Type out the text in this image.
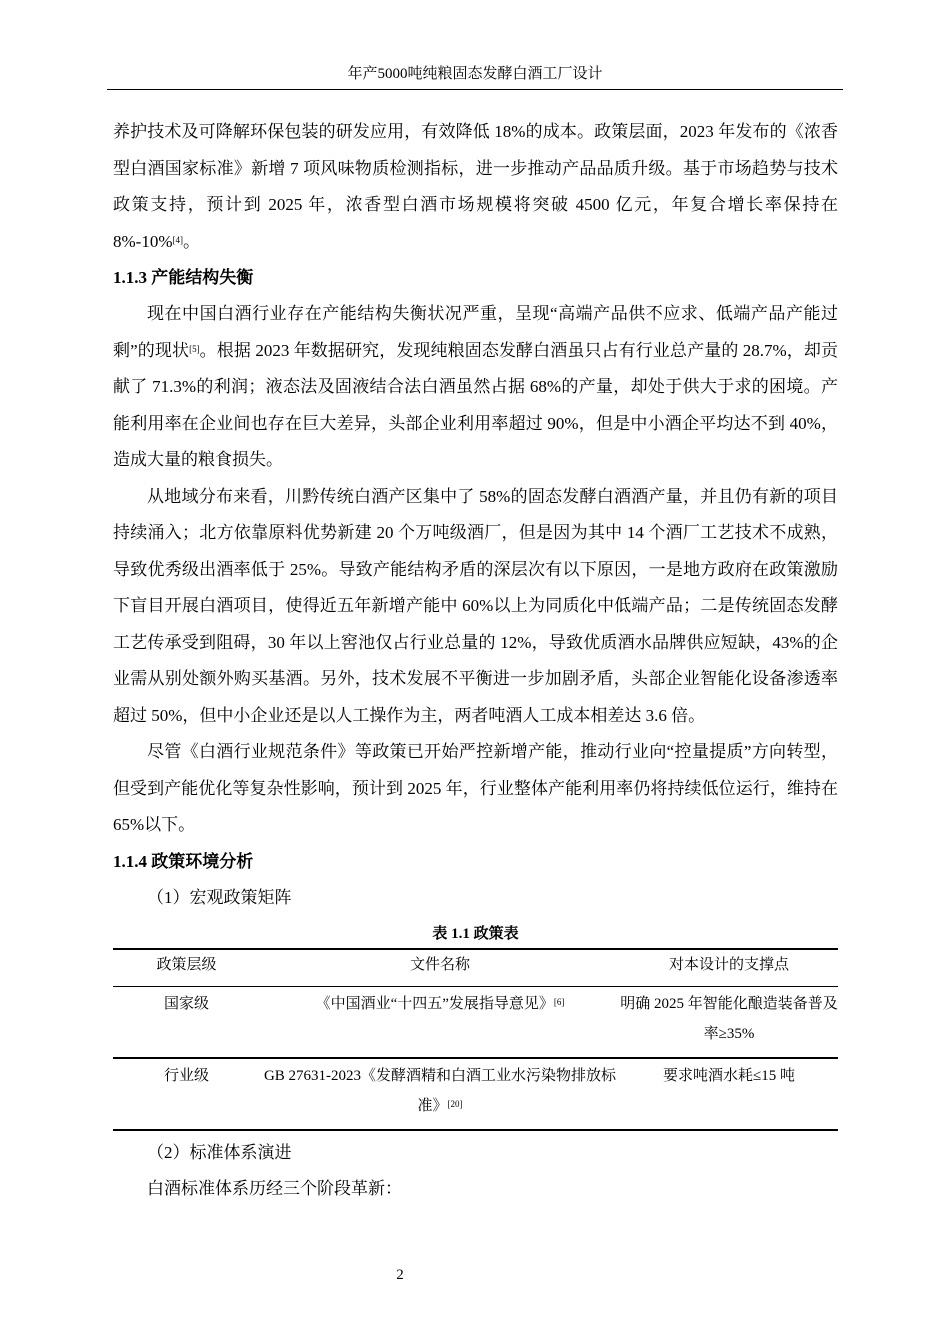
年产5000吨纯粮固态发酵白酒工厂设计

养护技术及可降解环保包装的研发应用，有效降低 18%的成本。政策层面，2023 年发布的《浓香型白酒国家标准》新增 7 项风味物质检测指标，进一步推动产品品质升级。基于市场趋势与技术政策支持，预计到 2025 年，浓香型白酒市场规模将突破 4500 亿元，年复合增长率保持在 8%-10%[4]。

1.1.3 产能结构失衡

现在中国白酒行业存在产能结构失衡状况严重，呈现“高端产品供不应求、低端产品产能过剩”的现状[5]。根据 2023 年数据研究，发现纯粮固态发酵白酒虽只占有行业总产量的 28.7%，却贡献了 71.3%的利润；液态法及固液结合法白酒虽然占据 68%的产量，却处于供大于求的困境。产能利用率在企业间也存在巨大差异，头部企业利用率超过 90%，但是中小酒企平均达不到 40%，造成大量的粮食损失。

从地域分布来看，川黔传统白酒产区集中了 58%的固态发酵白酒酒产量，并且仍有新的项目持续涌入；北方依靠原料优势新建 20 个万吨级酒厂，但是因为其中 14 个酒厂工艺技术不成熟，导致优秀级出酒率低于 25%。导致产能结构矛盾的深层次有以下原因，一是地方政府在政策激励下盲目开展白酒项目，使得近五年新增产能中 60%以上为同质化中低端产品；二是传统固态发酵工艺传承受到阻碍，30 年以上窖池仅占行业总量的 12%，导致优质酒水品牌供应短缺，43%的企业需从别处额外购买基酒。另外，技术发展不平衡进一步加剧矛盾，头部企业智能化设备渗透率超过 50%，但中小企业还是以人工操作为主，两者吨酒人工成本相差达 3.6 倍。

尽管《白酒行业规范条件》等政策已开始严控新增产能，推动行业向“控量提质”方向转型，但受到产能优化等复杂性影响，预计到 2025 年，行业整体产能利用率仍将持续低位运行，维持在 65%以下。

1.1.4 政策环境分析

（1）宏观政策矩阵

表 1.1 政策表
政策层级	文件名称	对本设计的支撑点
国家级	《中国酒业“十四五”发展指导意见》[6]	明确 2025 年智能化酿造装备普及率≥35%
行业级	GB 27631-2023《发酵酒精和白酒工业水污染物排放标准》[20]	要求吨酒水耗≤15 吨

（2）标准体系演进

白酒标准体系历经三个阶段革新：

2
